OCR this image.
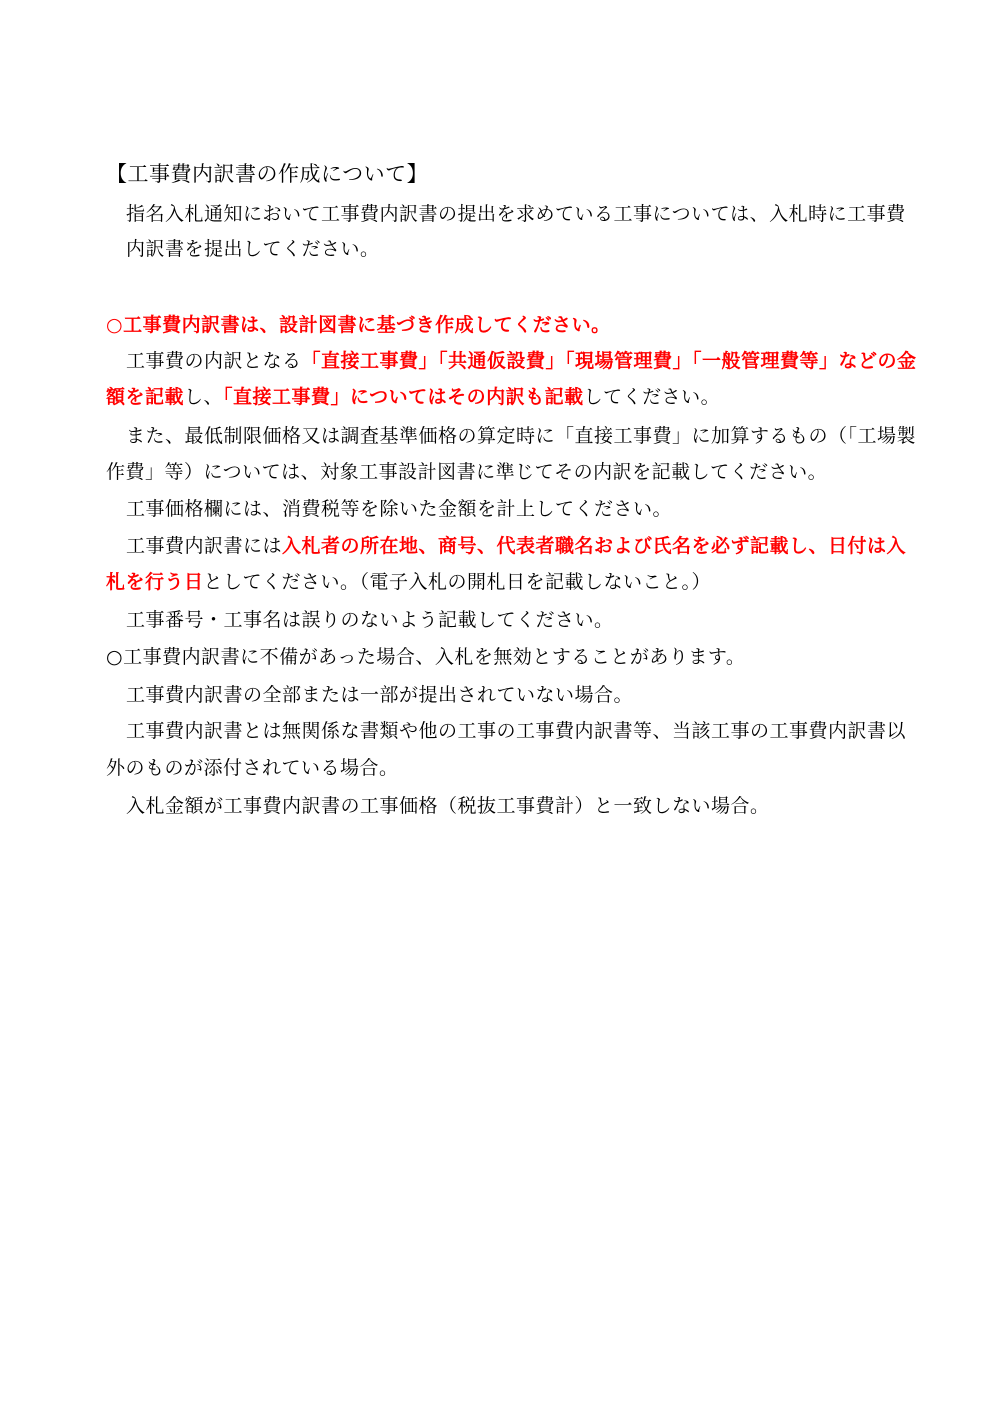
【工事費内訳書の作成について】
指名入札通知において工事費内訳書の提出を求めている工事については、入札時に工事費
内訳書を提出してください。
○工事費内訳書は、設計図書に基づき作成してください。
工事費の内訳となる「直接工事費」「共通仮設費」「現場管理費」「一般管理費等」などの金
額を記載し、「直接工事費」についてはその内訳も記載してください。
また、最低制限価格又は調査基準価格の算定時に「直接工事費」に加算するもの（「工場製
作費」等）については、対象工事設計図書に準じてその内訳を記載してください。
工事価格欄には、消費税等を除いた金額を計上してください。
工事費内訳書には入札者の所在地、商号、代表者職名および氏名を必ず記載し、日付は入
札を行う日としてください。（電子入札の開札日を記載しないこと。）
工事番号・工事名は誤りのないよう記載してください。
○工事費内訳書に不備があった場合、入札を無効とすることがあります。
工事費内訳書の全部または一部が提出されていない場合。
工事費内訳書とは無関係な書類や他の工事の工事費内訳書等、当該工事の工事費内訳書以
外のものが添付されている場合。
入札金額が工事費内訳書の工事価格（税抜工事費計）と一致しない場合。
